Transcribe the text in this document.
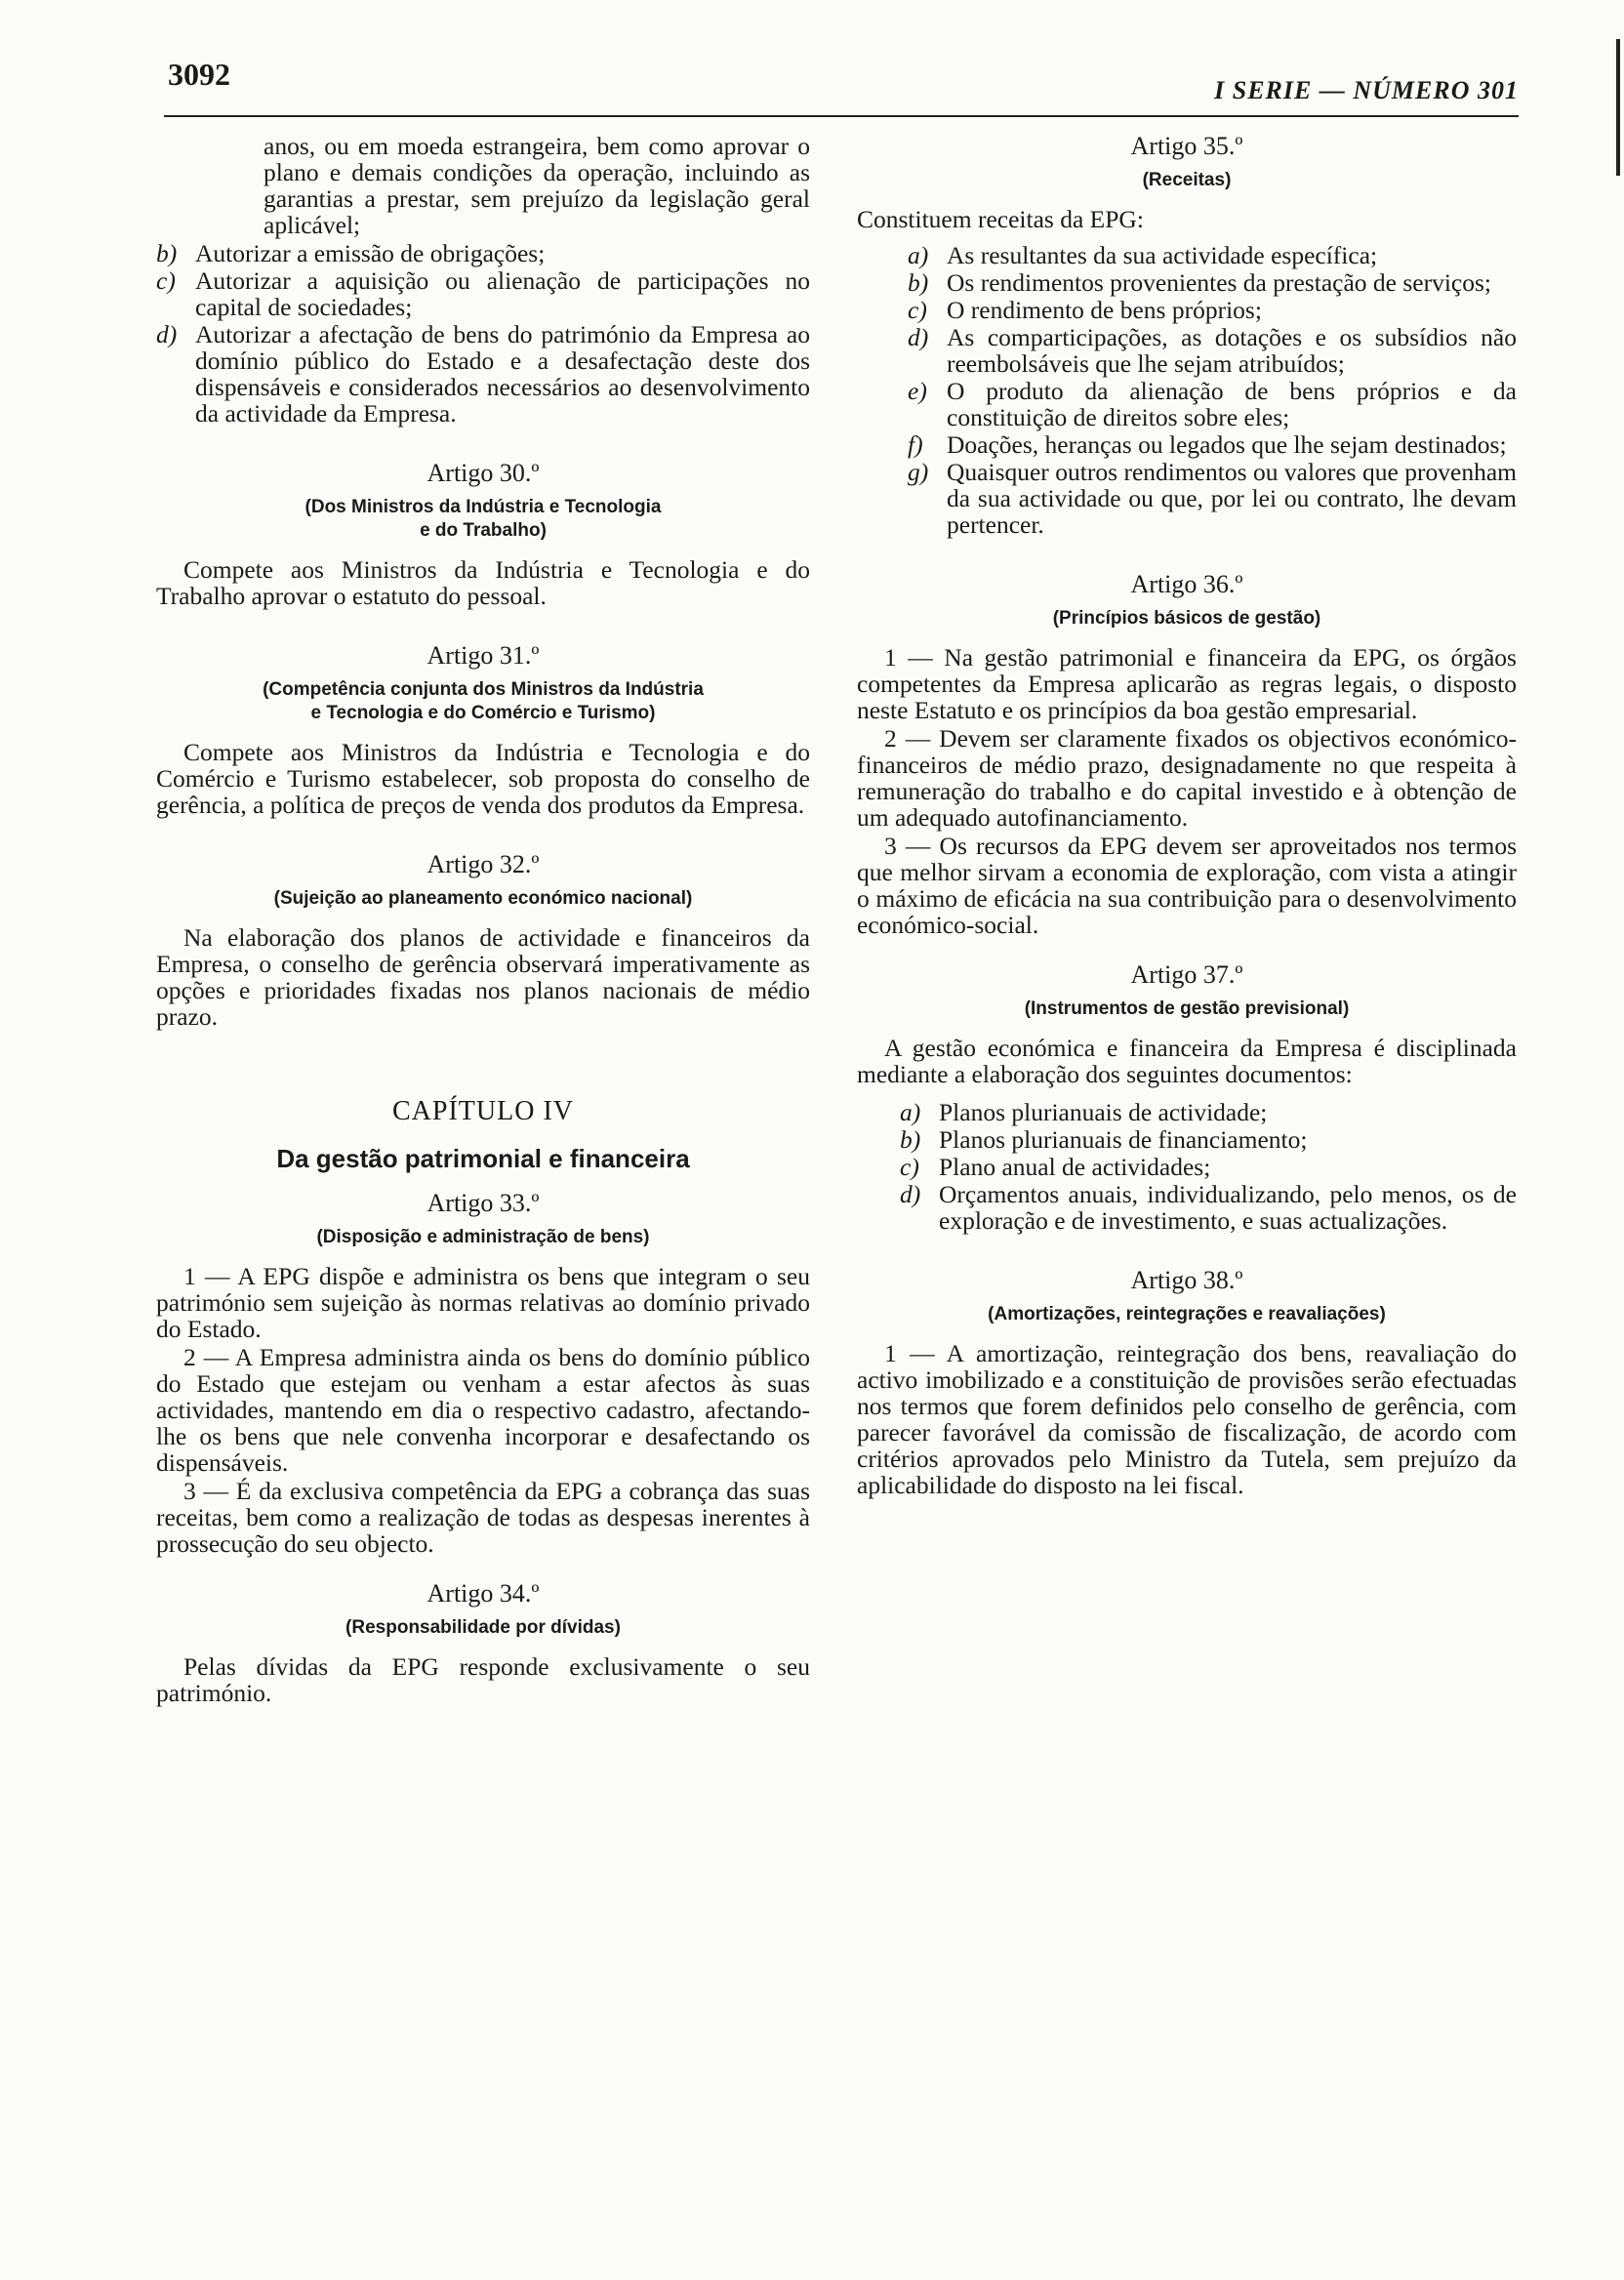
3092	I SERIE — NÚMERO 301

anos, ou em moeda estrangeira, bem como aprovar o plano e demais condições da operação, incluindo as garantias a prestar, sem prejuízo da legislação geral aplicável;

b) Autorizar a emissão de obrigações;
c) Autorizar a aquisição ou alienação de participações no capital de sociedades;
d) Autorizar a afectação de bens do património da Empresa ao domínio público do Estado e a desafectação deste dos dispensáveis e considerados necessários ao desenvolvimento da actividade da Empresa.
Artigo 30.º
(Dos Ministros da Indústria e Tecnologia
e do Trabalho)

Compete aos Ministros da Indústria e Tecnologia e do Trabalho aprovar o estatuto do pessoal.

Artigo 31.º
(Competência conjunta dos Ministros da Indústria
e Tecnologia e do Comércio e Turismo)

Compete aos Ministros da Indústria e Tecnologia e do Comércio e Turismo estabelecer, sob proposta do conselho de gerência, a política de preços de venda dos produtos da Empresa.

Artigo 32.º
(Sujeição ao planeamento económico nacional)

Na elaboração dos planos de actividade e financeiros da Empresa, o conselho de gerência observará imperativamente as opções e prioridades fixadas nos planos nacionais de médio prazo.

CAPÍTULO IV
Da gestão patrimonial e financeira
Artigo 33.º
(Disposição e administração de bens)

1 — A EPG dispõe e administra os bens que integram o seu património sem sujeição às normas relativas ao domínio privado do Estado.

2 — A Empresa administra ainda os bens do domínio público do Estado que estejam ou venham a estar afectos às suas actividades, mantendo em dia o respectivo cadastro, afectando-lhe os bens que nele convenha incorporar e desafectando os dispensáveis.

3 — É da exclusiva competência da EPG a cobrança das suas receitas, bem como a realização de todas as despesas inerentes à prossecução do seu objecto.

Artigo 34.º
(Responsabilidade por dívidas)

Pelas dívidas da EPG responde exclusivamente o seu património.

Artigo 35.º
(Receitas)

Constituem receitas da EPG:

a) As resultantes da sua actividade específica;
b) Os rendimentos provenientes da prestação de serviços;
c) O rendimento de bens próprios;
d) As comparticipações, as dotações e os subsídios não reembolsáveis que lhe sejam atribuídos;
e) O produto da alienação de bens próprios e da constituição de direitos sobre eles;
f) Doações, heranças ou legados que lhe sejam destinados;
g) Quaisquer outros rendimentos ou valores que provenham da sua actividade ou que, por lei ou contrato, lhe devam pertencer.
Artigo 36.º
(Princípios básicos de gestão)

1 — Na gestão patrimonial e financeira da EPG, os órgãos competentes da Empresa aplicarão as regras legais, o disposto neste Estatuto e os princípios da boa gestão empresarial.

2 — Devem ser claramente fixados os objectivos económico-financeiros de médio prazo, designadamente no que respeita à remuneração do trabalho e do capital investido e à obtenção de um adequado autofinanciamento.

3 — Os recursos da EPG devem ser aproveitados nos termos que melhor sirvam a economia de exploração, com vista a atingir o máximo de eficácia na sua contribuição para o desenvolvimento económico-social.

Artigo 37.º
(Instrumentos de gestão previsional)

A gestão económica e financeira da Empresa é disciplinada mediante a elaboração dos seguintes documentos:

a) Planos plurianuais de actividade;
b) Planos plurianuais de financiamento;
c) Plano anual de actividades;
d) Orçamentos anuais, individualizando, pelo menos, os de exploração e de investimento, e suas actualizações.
Artigo 38.º
(Amortizações, reintegrações e reavaliações)

1 — A amortização, reintegração dos bens, reavaliação do activo imobilizado e a constituição de provisões serão efectuadas nos termos que forem definidos pelo conselho de gerência, com parecer favorável da comissão de fiscalização, de acordo com critérios aprovados pelo Ministro da Tutela, sem prejuízo da aplicabilidade do disposto na lei fiscal.
